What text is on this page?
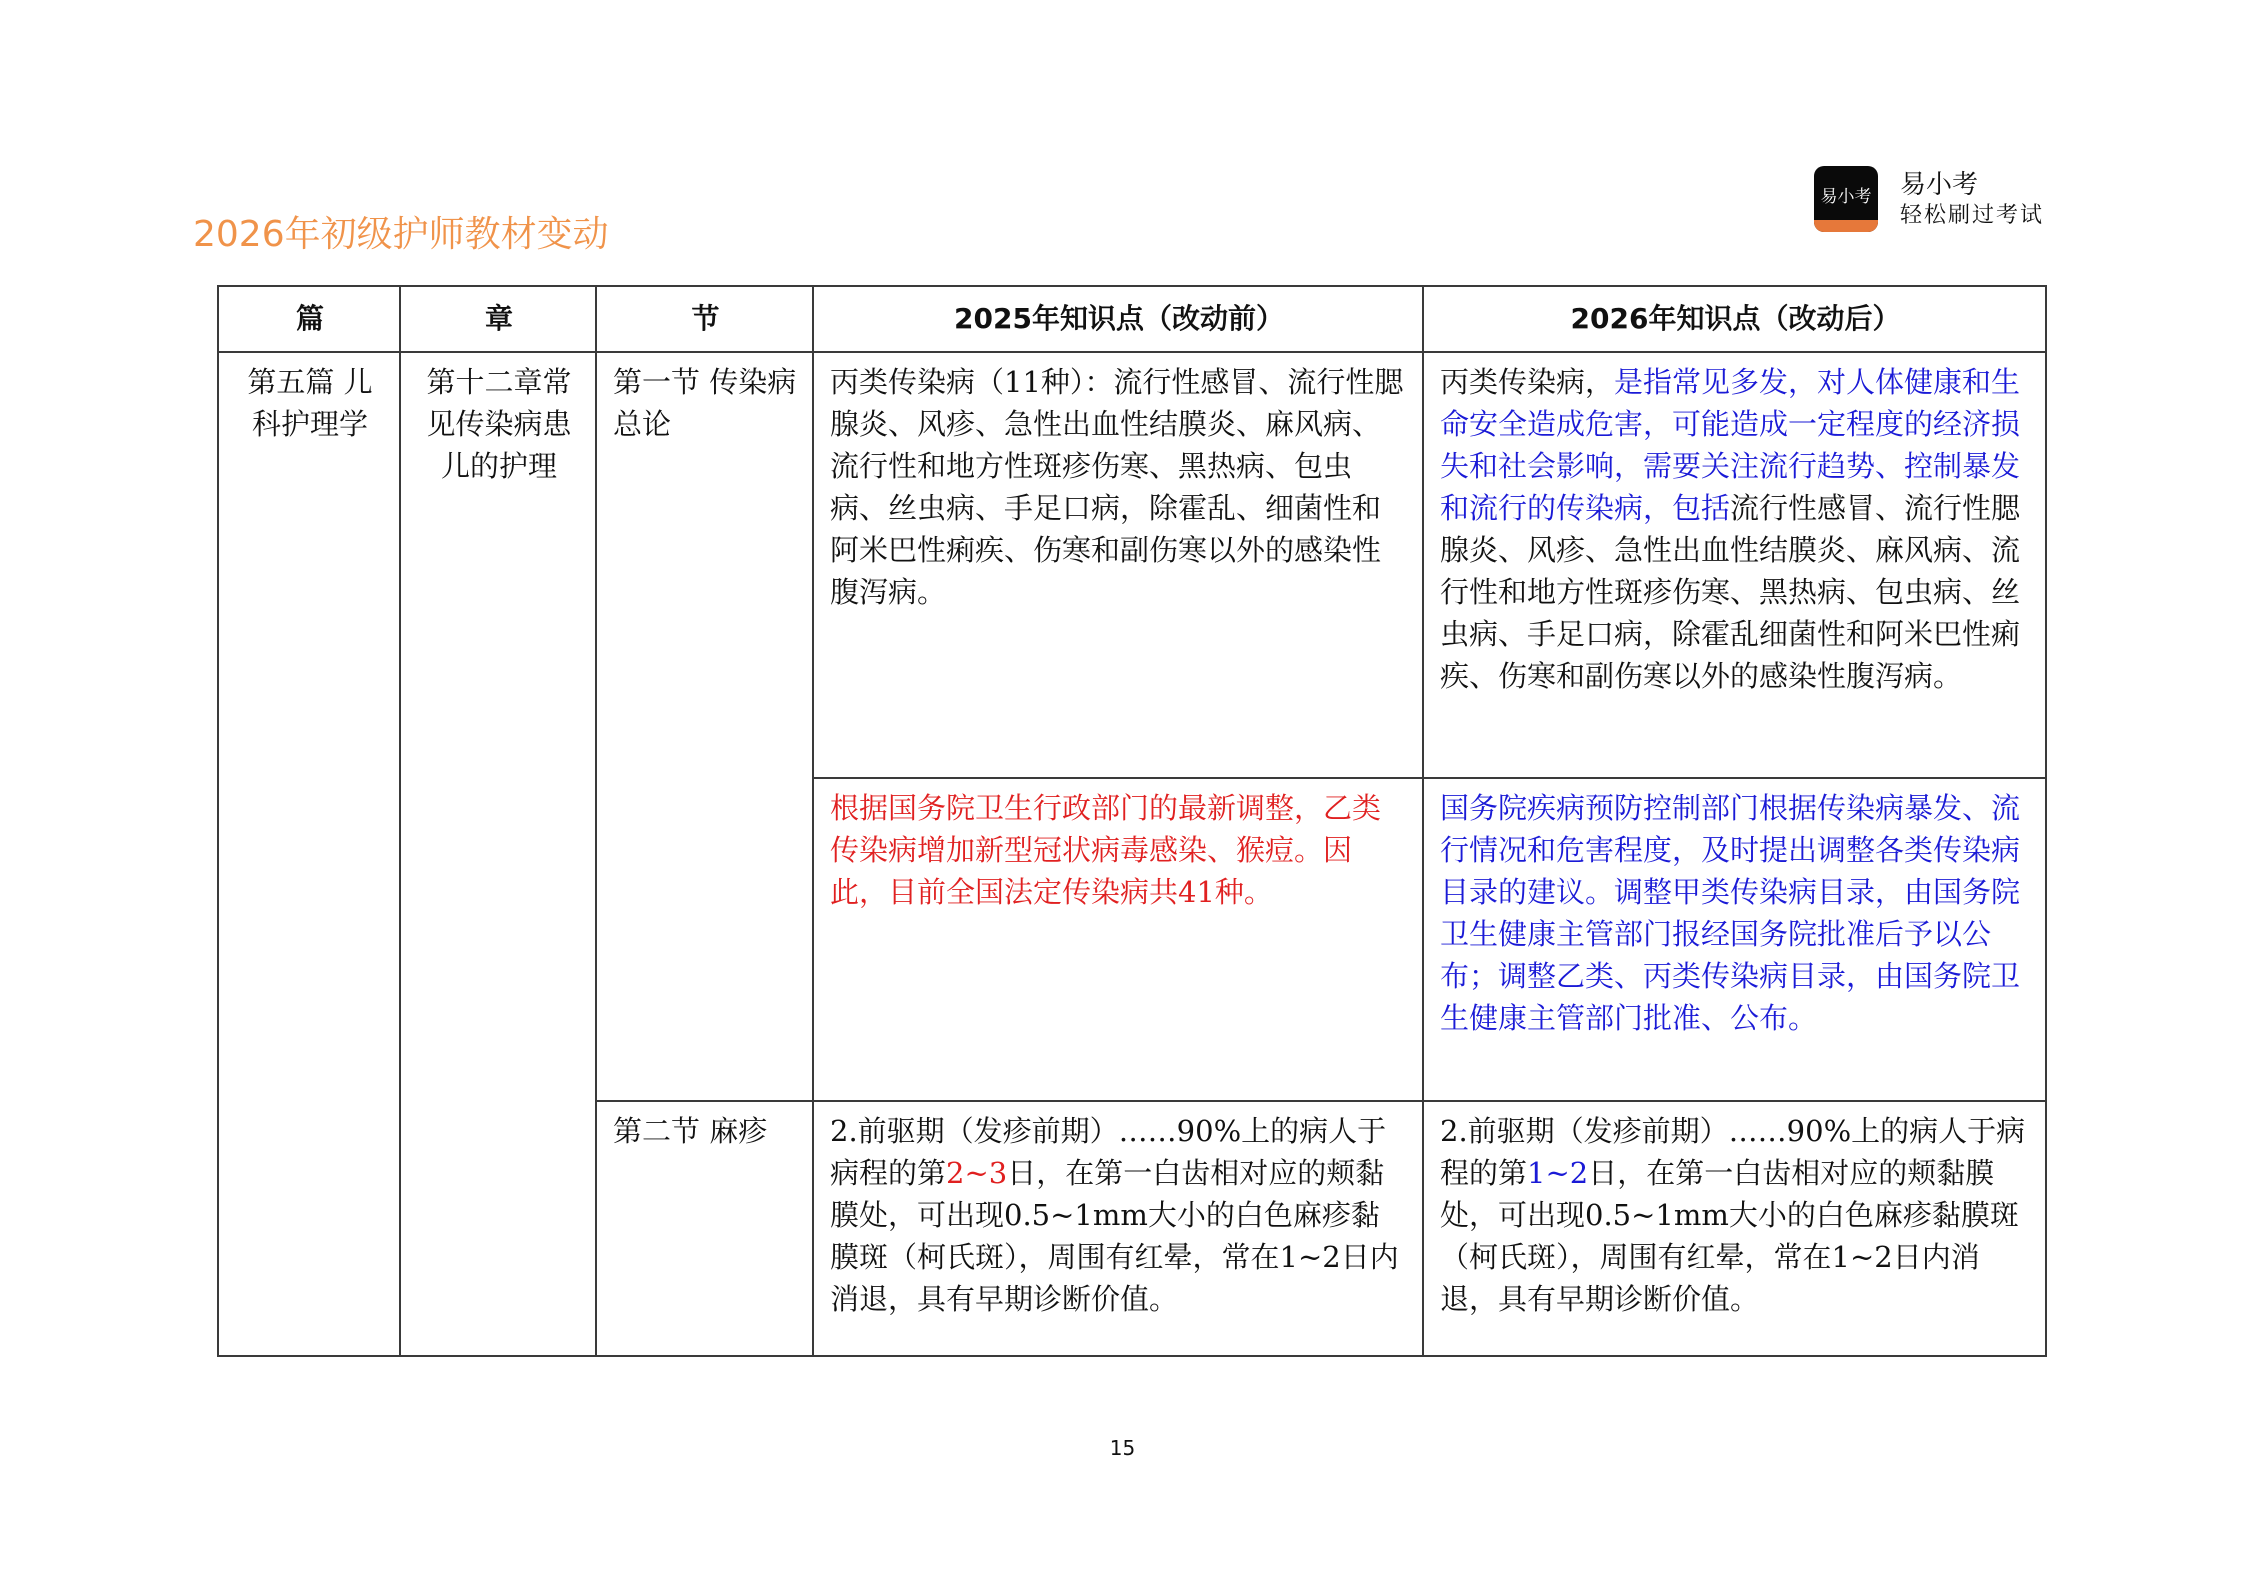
2026年初级护师教材变动
易小考 易小考
轻松刷过考试
篇	章	节	2025年知识点（改动前）	2026年知识点（改动后）
第五篇 儿科护理学	第十二章常见传染病患儿的护理	第一节 传染病总论	丙类传染病（11种）：流行性感冒、流行性腮腺炎、风疹、急性出血性结膜炎、麻风病、流行性和地方性斑疹伤寒、黑热病、包虫病、丝虫病、手足口病，除霍乱、细菌性和阿米巴性痢疾、伤寒和副伤寒以外的感染性腹泻病。	丙类传染病，是指常见多发，对人体健康和生命安全造成危害，可能造成一定程度的经济损失和社会影响，需要关注流行趋势、控制暴发和流行的传染病，包括流行性感冒、流行性腮腺炎、风疹、急性出血性结膜炎、麻风病、流行性和地方性斑疹伤寒、黑热病、包虫病、丝虫病、手足口病，除霍乱细菌性和阿米巴性痢疾、伤寒和副伤寒以外的感染性腹泻病。
			根据国务院卫生行政部门的最新调整，乙类传染病增加新型冠状病毒感染、猴痘。因此，目前全国法定传染病共41种。	国务院疾病预防控制部门根据传染病暴发、流行情况和危害程度，及时提出调整各类传染病目录的建议。调整甲类传染病目录，由国务院卫生健康主管部门报经国务院批准后予以公布；调整乙类、丙类传染病目录，由国务院卫生健康主管部门批准、公布。
		第二节 麻疹	2.前驱期（发疹前期）……90%上的病人于病程的第2~3日，在第一白齿相对应的颊黏膜处，可出现0.5~1mm大小的白色麻疹黏膜斑（柯氏斑），周围有红晕，常在1~2日内消退，具有早期诊断价值。	2.前驱期（发疹前期）……90%上的病人于病程的第1~2日，在第一白齿相对应的颊黏膜处，可出现0.5~1mm大小的白色麻疹黏膜斑（柯氏斑），周围有红晕，常在1~2日内消退，具有早期诊断价值。
15
